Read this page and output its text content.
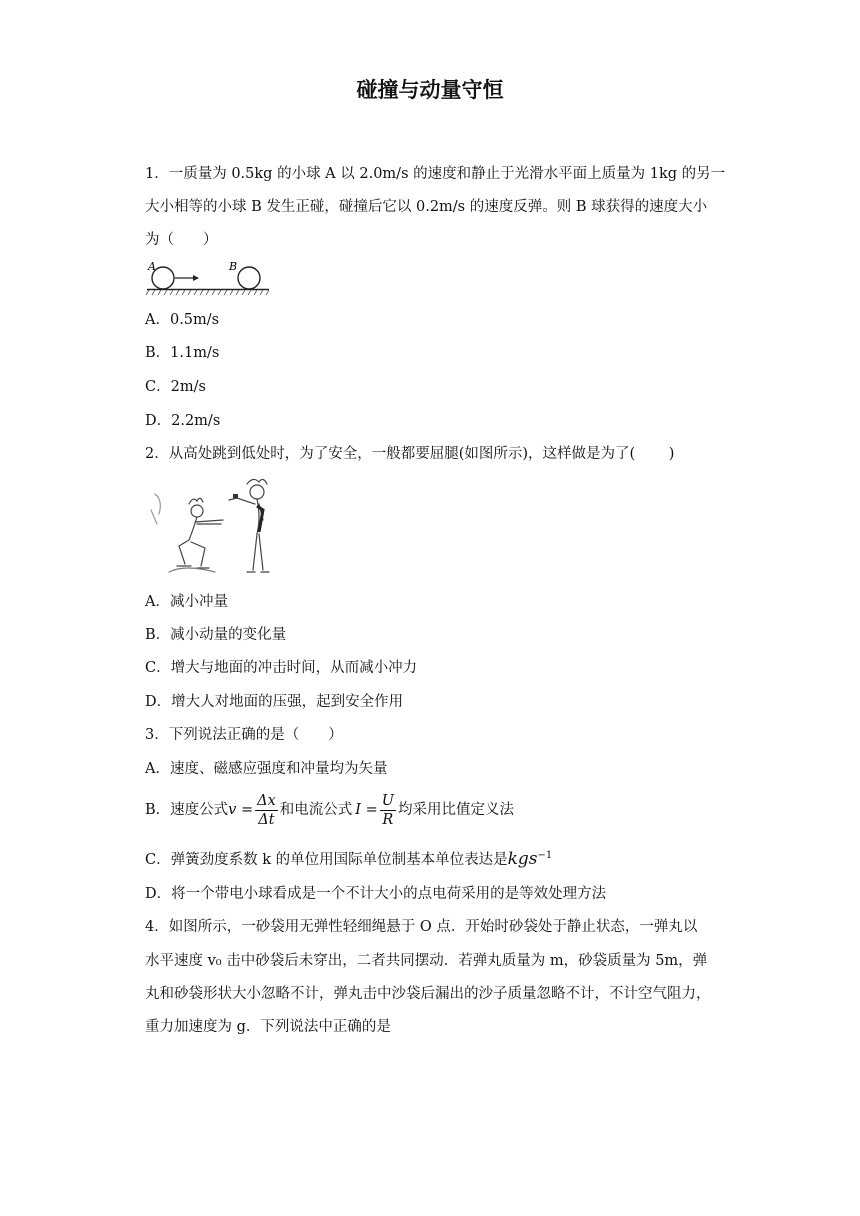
碰撞与动量守恒
1．一质量为 0.5kg 的小球 A 以 2.0m/s 的速度和静止于光滑水平面上质量为 1kg 的另一
大小相等的小球 B 发生正碰，碰撞后它以 0.2m/s 的速度反弹。则 B 球获得的速度大小
为（　　）
A	B
A．0.5m/s
B．1.1m/s
C．2m/s
D．2.2m/s
2．从高处跳到低处时，为了安全，一般都要屈腿(如图所示)，这样做是为了(　　 )
A．减小冲量
B．减小动量的变化量
C．增大与地面的冲击时间，从而减小冲力
D．增大人对地面的压强，起到安全作用
3．下列说法正确的是（　　）
A．速度、磁感应强度和冲量均为矢量
B．速度公式$v = \frac{\Delta x}{\Delta t}$ 和电流公式 $I = \frac{U}{R}$ 均采用比值定义法
C．弹簧劲度系数 k 的单位用国际单位制基本单位表达是kgs$^{-1}$
D．将一个带电小球看成是一个不计大小的点电荷采用的是等效处理方法
4．如图所示，一砂袋用无弹性轻细绳悬于 O 点．开始时砂袋处于静止状态，一弹丸以
水平速度 v₀ 击中砂袋后未穿出，二者共同摆动．若弹丸质量为 m，砂袋质量为 5m，弹
丸和砂袋形状大小忽略不计，弹丸击中沙袋后漏出的沙子质量忽略不计，不计空气阻力，
重力加速度为 g．下列说法中正确的是
